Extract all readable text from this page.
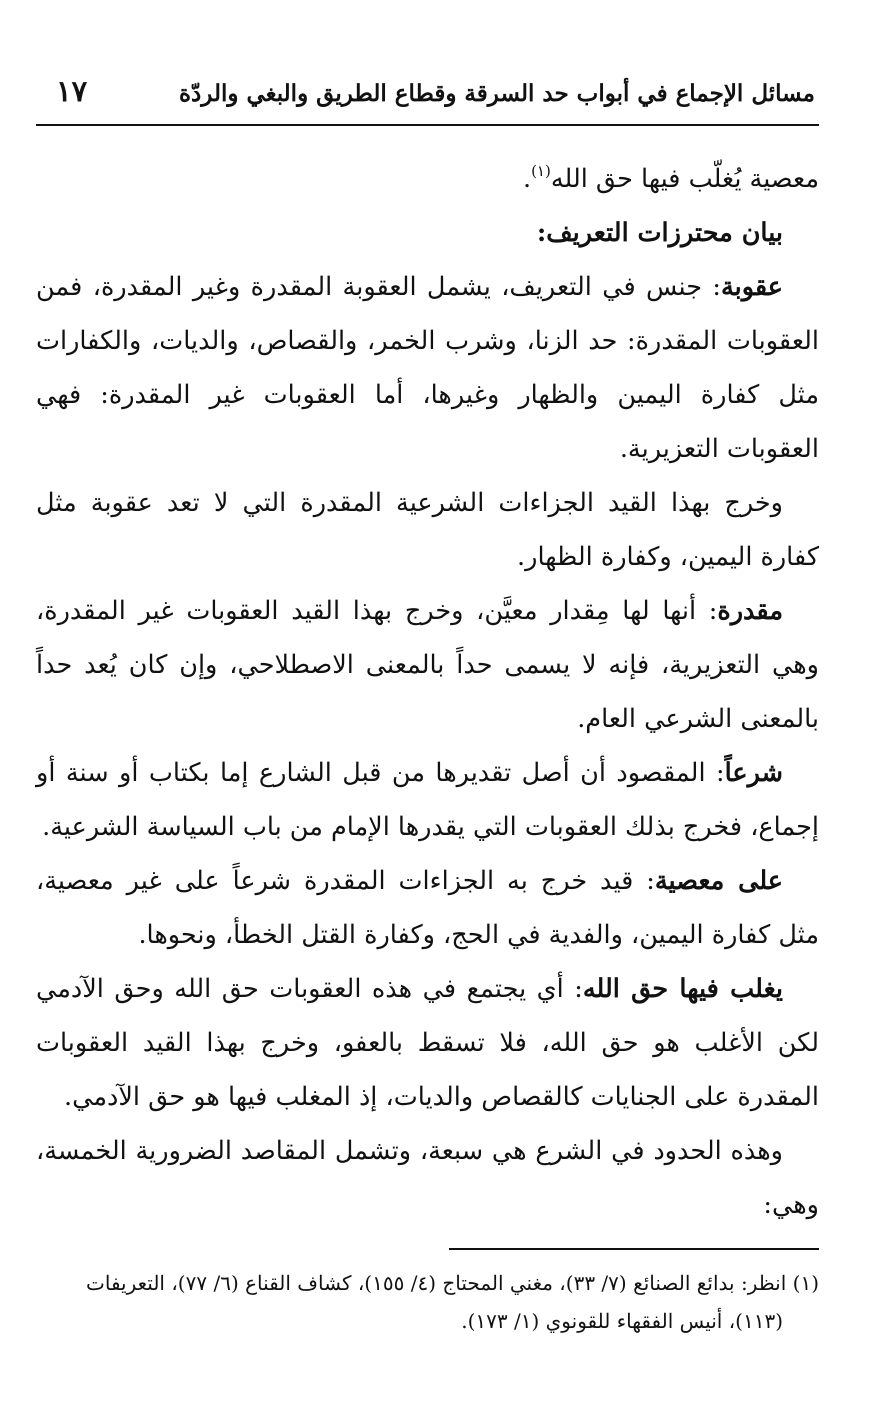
مسائل الإجماع في أبواب حد السرقة وقطاع الطريق والبغي والردّة
١٧

معصية يُغلّب فيها حق الله$^{(١)}$.

بيان محترزات التعريف:

عقوبة: جنس في التعريف، يشمل العقوبة المقدرة وغير المقدرة، فمن العقوبات المقدرة: حد الزنا، وشرب الخمر، والقصاص، والديات، والكفارات مثل كفارة اليمين والظهار وغيرها، أما العقوبات غير المقدرة: فهي العقوبات التعزيرية.

وخرج بهذا القيد الجزاءات الشرعية المقدرة التي لا تعد عقوبة مثل كفارة اليمين، وكفارة الظهار.

مقدرة: أنها لها مِقدار معيَّن، وخرج بهذا القيد العقوبات غير المقدرة، وهي التعزيرية، فإنه لا يسمى حداً بالمعنى الاصطلاحي، وإن كان يُعد حداً بالمعنى الشرعي العام.

شرعاً: المقصود أن أصل تقديرها من قبل الشارع إما بكتاب أو سنة أو إجماع، فخرج بذلك العقوبات التي يقدرها الإمام من باب السياسة الشرعية.

على معصية: قيد خرج به الجزاءات المقدرة شرعاً على غير معصية، مثل كفارة اليمين، والفدية في الحج، وكفارة القتل الخطأ، ونحوها.

يغلب فيها حق الله: أي يجتمع في هذه العقوبات حق الله وحق الآدمي لكن الأغلب هو حق الله، فلا تسقط بالعفو، وخرج بهذا القيد العقوبات المقدرة على الجنايات كالقصاص والديات، إذ المغلب فيها هو حق الآدمي.

وهذه الحدود في الشرع هي سبعة، وتشمل المقاصد الضرورية الخمسة، وهي:

(١) انظر: بدائع الصنائع (٧/ ٣٣)، مغني المحتاج (٤/ ١٥٥)، كشاف القناع (٦/ ٧٧)، التعريفات

(١١٣)، أنيس الفقهاء للقونوي (١/ ١٧٣).
